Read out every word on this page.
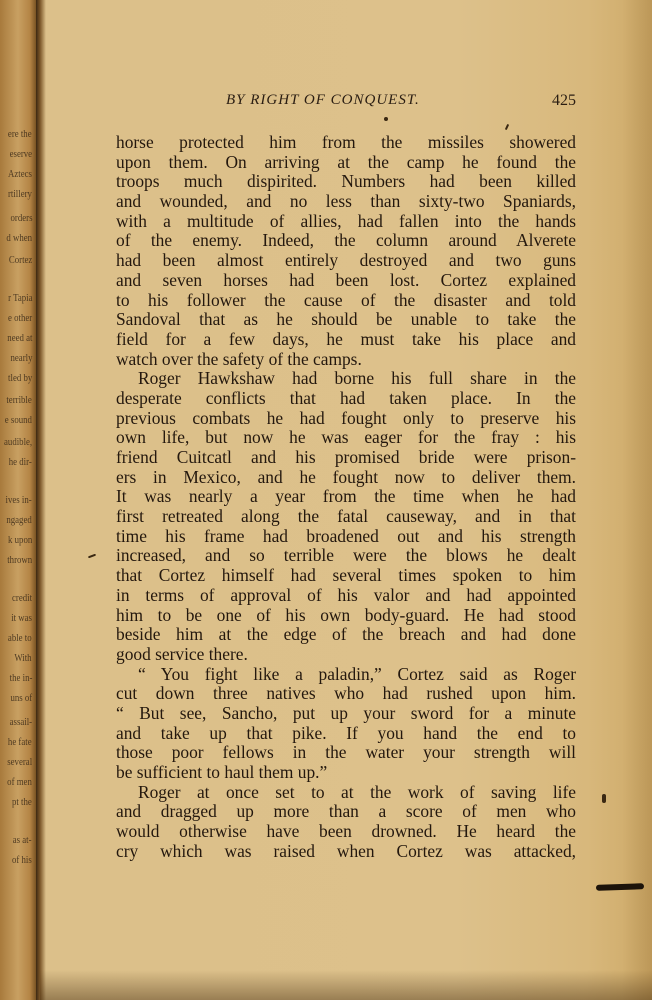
ere the
eserve
Aztecs
rtillery
orders
d when
Cortez
r Tapia
e other
need at
nearly
tled by
terrible
e sound
audible,
he dir-
ives in-
ngaged
k upon
thrown
credit
it was
able to
With
the in-
uns of
assail-
he fate
several
of men
pt the
as at-
of his
BY RIGHT OF CONQUEST.	425
horse protected him from the missiles showered
upon them. On arriving at the camp he found the
troops much dispirited. Numbers had been killed
and wounded, and no less than sixty-two Spaniards,
with a multitude of allies, had fallen into the hands
of the enemy. Indeed, the column around Alverete
had been almost entirely destroyed and two guns
and seven horses had been lost. Cortez explained
to his follower the cause of the disaster and told
Sandoval that as he should be unable to take the
field for a few days, he must take his place and
watch over the safety of the camps.
Roger Hawkshaw had borne his full share in the
desperate conflicts that had taken place. In the
previous combats he had fought only to preserve his
own life, but now he was eager for the fray : his
friend Cuitcatl and his promised bride were prison-
ers in Mexico, and he fought now to deliver them.
It was nearly a year from the time when he had
first retreated along the fatal causeway, and in that
time his frame had broadened out and his strength
increased, and so terrible were the blows he dealt
that Cortez himself had several times spoken to him
in terms of approval of his valor and had appointed
him to be one of his own body-guard. He had stood
beside him at the edge of the breach and had done
good service there.
“ You fight like a paladin,” Cortez said as Roger
cut down three natives who had rushed upon him.
“ But see, Sancho, put up your sword for a minute
and take up that pike. If you hand the end to
those poor fellows in the water your strength will
be sufficient to haul them up.”
Roger at once set to at the work of saving life
and dragged up more than a score of men who
would otherwise have been drowned. He heard the
cry which was raised when Cortez was attacked,
